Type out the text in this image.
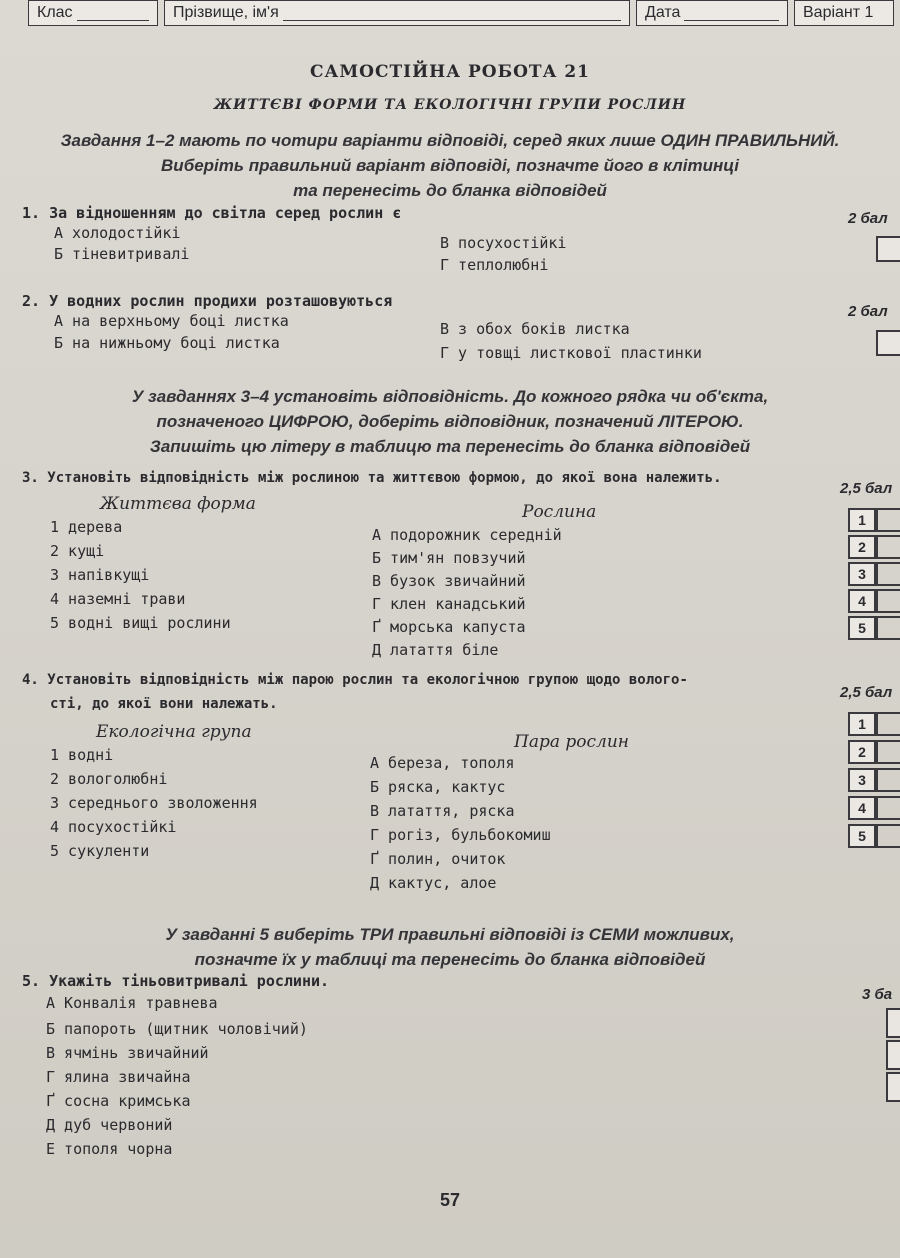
Клас	Прізвище, ім'я	Дата	Варіант 1
САМОСТІЙНА РОБОТА 21
ЖИТТЄВІ ФОРМИ ТА ЕКОЛОГІЧНІ ГРУПИ РОСЛИН
Завдання 1–2 мають по чотири варіанти відповіді, серед яких лише ОДИН ПРАВИЛЬНИЙ.
Виберіть правильний варіант відповіді, позначте його в клітинці
та перенесіть до бланка відповідей
1. За відношенням до світла серед рослин є	2 бал
А холодостійкі
Б тіневитривалі
В посухостійкі
Г теплолюбні
2. У водних рослин продихи розташовуються
2 бал
А на верхньому боці листка
Б на нижньому боці листка
В з обох боків листка
Г у товщі листкової пластинки
У завданнях 3–4 установіть відповідність. До кожного рядка чи об'єкта,
позначеного ЦИФРОЮ, доберіть відповідник, позначений ЛІТЕРОЮ.
Запишіть цю літеру в таблицю та перенесіть до бланка відповідей
3. Установіть відповідність між рослиною та життєвою формою, до якої вона належить.
2,5 бал
Життєва форма	Рослина
1 дерева
2 кущі
3 напівкущі
4 наземні трави
5 водні вищі рослини
А подорожник середній
Б тим'ян повзучий
В бузок звичайний
Г клен канадський
Ґ морська капуста
Д латаття біле
1
2
3
4
5
4. Установіть відповідність між парою рослин та екологічною групою щодо волого-
сті, до якої вони належать.
2,5 бал
Екологічна група	Пара рослин
1 водні
2 вологолюбні
3 середнього зволоження
4 посухостійкі
5 сукуленти
А береза, тополя
Б ряска, кактус
В латаття, ряска
Г рогіз, бульбокомиш
Ґ полин, очиток
Д кактус, алое
1
2
3
4
5
У завданні 5 виберіть ТРИ правильні відповіді із СЕМИ можливих,
позначте їх у таблиці та перенесіть до бланка відповідей
5. Укажіть тіньовитривалі рослини.
3 ба
А Конвалія травнева
Б папороть (щитник чоловічий)
В ячмінь звичайний
Г ялина звичайна
Ґ сосна кримська
Д дуб червоний
Е тополя чорна
57
